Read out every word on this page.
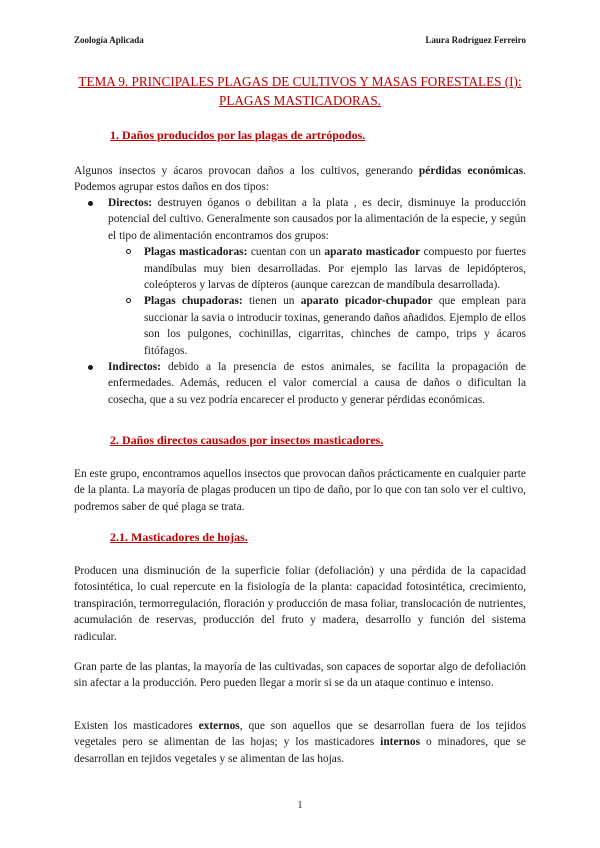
Zoología Aplicada	Laura Rodríguez Ferreiro
TEMA 9. PRINCIPALES PLAGAS DE CULTIVOS Y MASAS FORESTALES (I): PLAGAS MASTICADORAS.
1. Daños producidos por las plagas de artrópodos.
Algunos insectos y ácaros provocan daños a los cultivos, generando pérdidas económicas. Podemos agrupar estos daños en dos tipos:
Directos: destruyen óganos o debilitan a la plata , es decir, disminuye la producción potencial del cultivo. Generalmente son causados por la alimentación de la especie, y según el tipo de alimentación encontramos dos grupos:
Plagas masticadoras: cuentan con un aparato masticador compuesto por fuertes mandíbulas muy bien desarrolladas. Por ejemplo las larvas de lepidópteros, coleópteros y larvas de dípteros (aunque carezcan de mandíbula desarrollada).
Plagas chupadoras: tienen un aparato picador-chupador que emplean para succionar la savia o introducir toxinas, generando daños añadidos. Ejemplo de ellos son los pulgones, cochinillas, cigarritas, chinches de campo, trips y ácaros fitófagos.
Indirectos: debido a la presencia de estos animales, se facilita la propagación de enfermedades. Además, reducen el valor comercial a causa de daños o dificultan la cosecha, que a su vez podría encarecer el producto y generar pérdidas económicas.
2. Daños directos causados por insectos masticadores.
En este grupo, encontramos aquellos insectos que provocan daños prácticamente en cualquier parte de la planta. La mayoría de plagas producen un tipo de daño, por lo que con tan solo ver el cultivo, podremos saber de qué plaga se trata.
2.1. Masticadores de hojas.
Producen una disminución de la superficie foliar (defoliación) y una pérdida de la capacidad fotosintética, lo cual repercute en la fisiología de la planta: capacidad fotosintética, crecimiento, transpiración, termorregulación, floración y producción de masa foliar, translocación de nutrientes, acumulación de reservas, producción del fruto y madera, desarrollo y función del sistema radicular.
Gran parte de las plantas, la mayoría de las cultivadas, son capaces de soportar algo de defoliación sin afectar a la producción. Pero pueden llegar a morir si se da un ataque continuo e intenso.
Existen los masticadores externos, que son aquellos que se desarrollan fuera de los tejidos vegetales pero se alimentan de las hojas; y los masticadores internos o minadores, que se desarrollan en tejidos vegetales y se alimentan de las hojas.
1
